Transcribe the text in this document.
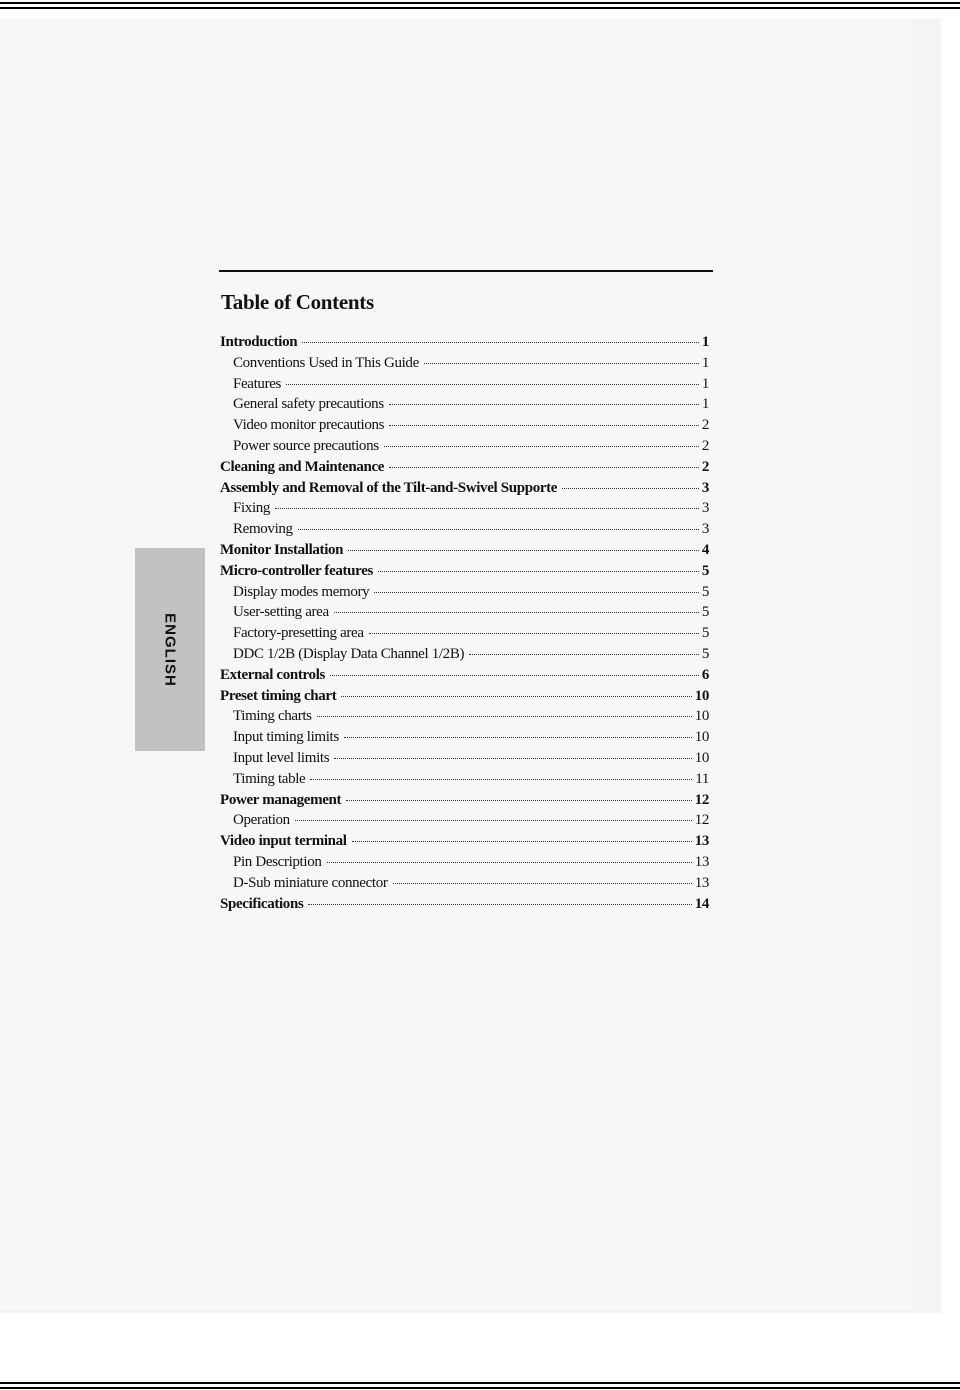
ENGLISH
Table of Contents
Introduction	1
Conventions Used in This Guide	1
Features	1
General safety precautions	1
Video monitor precautions	2
Power source precautions	2
Cleaning and Maintenance	2
Assembly and Removal of the Tilt-and-Swivel Supporte	3
Fixing	3
Removing	3
Monitor Installation	4
Micro-controller features	5
Display modes memory	5
User-setting area	5
Factory-presetting area	5
DDC 1/2B (Display Data Channel 1/2B)	5
External controls	6
Preset timing chart	10
Timing charts	10
Input timing limits	10
Input level limits	10
Timing table	11
Power management	12
Operation	12
Video input terminal	13
Pin Description	13
D-Sub miniature connector	13
Specifications	14
